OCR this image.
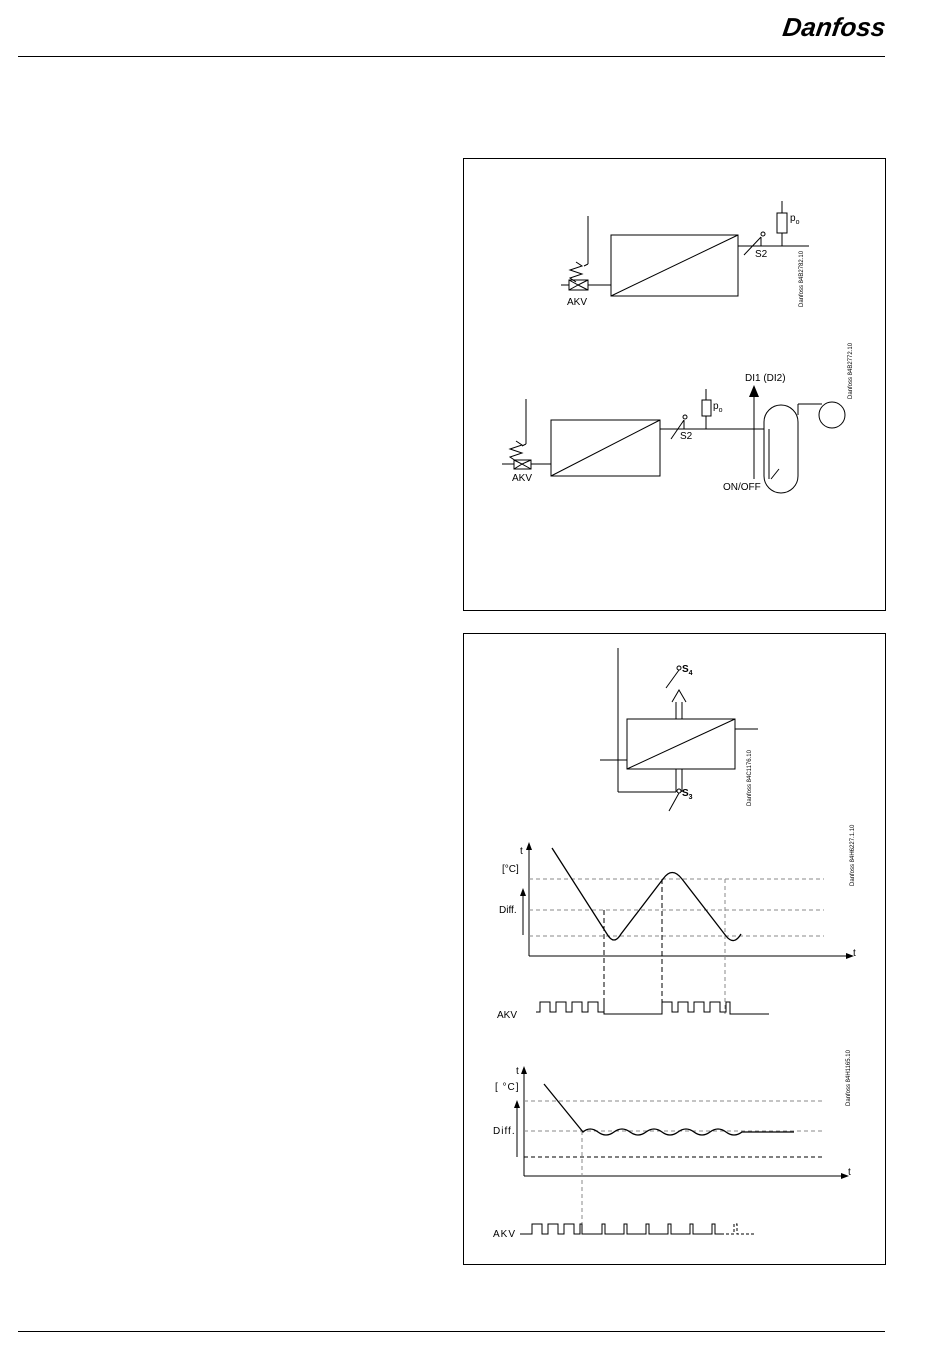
Danfoss
AKV
S2
$p_o$
Danfoss 84B2782.10
DI1 (DI2)
AKV
S2
$p_o$
ON/OFF
Danfoss 84B2772.10
$S_4$
$S_3$	Danfoss 84C1176.10
t
t
[°C]
Diff.
AKV
Danfoss 84H6227.1.10
t
t
[ °C]
Diff.
AKV
Danfoss 84H1165.10
